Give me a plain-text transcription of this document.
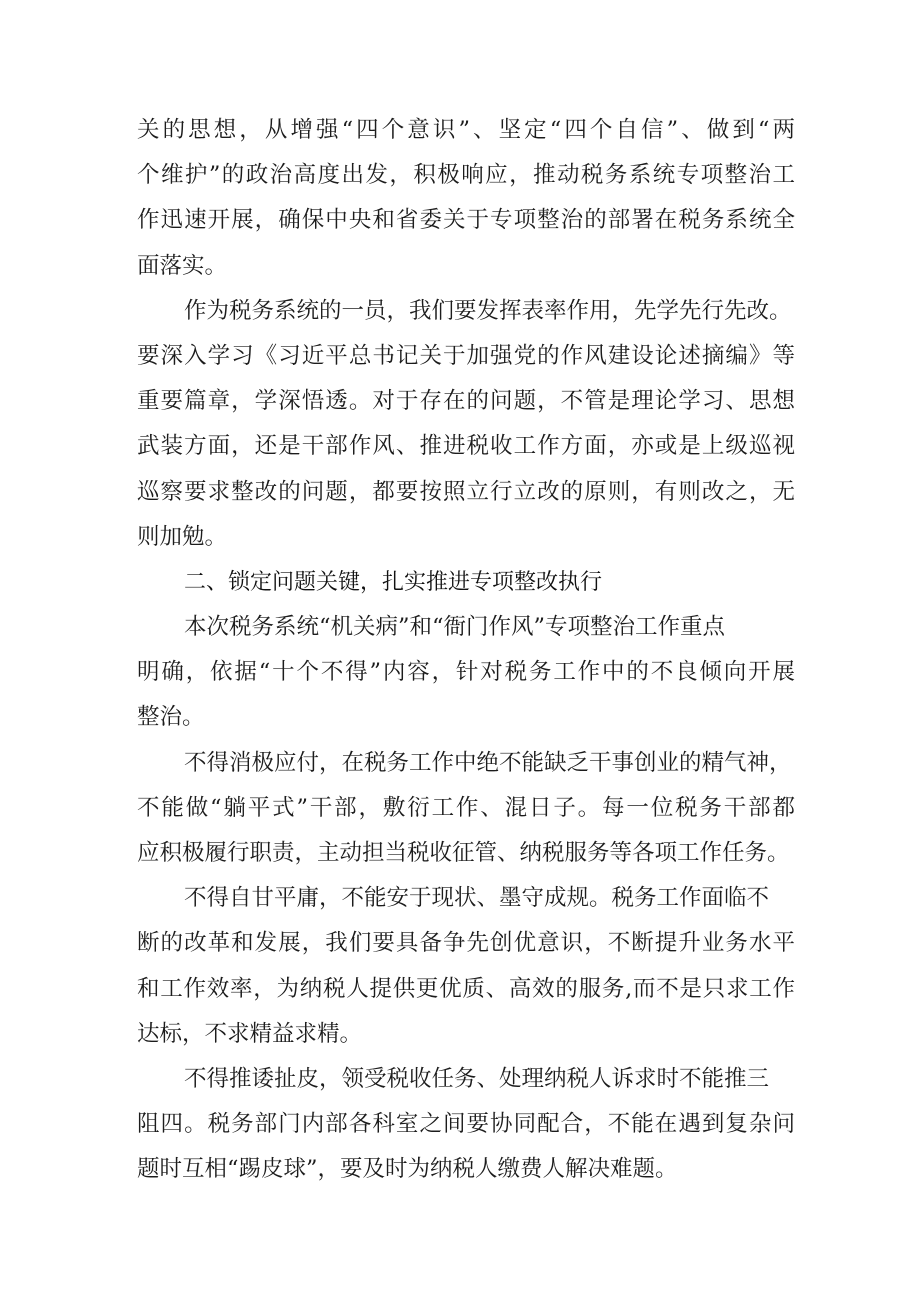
关的思想，从增强“四个意识”、坚定“四个自信”、做到“两
个维护”的政治高度出发，积极响应，推动税务系统专项整治工
作迅速开展，确保中央和省委关于专项整治的部署在税务系统全
面落实。
作为税务系统的一员，我们要发挥表率作用，先学先行先改。
要深入学习《习近平总书记关于加强党的作风建设论述摘编》等
重要篇章，学深悟透。对于存在的问题，不管是理论学习、思想
武装方面，还是干部作风、推进税收工作方面，亦或是上级巡视
巡察要求整改的问题，都要按照立行立改的原则，有则改之，无
则加勉。
二、锁定问题关键，扎实推进专项整改执行
本次税务系统“机关病”和“衙门作风”专项整治工作重点
明确，依据“十个不得”内容，针对税务工作中的不良倾向开展
整治。
不得消极应付，在税务工作中绝不能缺乏干事创业的精气神，
不能做“躺平式”干部，敷衍工作、混日子。每一位税务干部都
应积极履行职责，主动担当税收征管、纳税服务等各项工作任务。
不得自甘平庸，不能安于现状、墨守成规。税务工作面临不
断的改革和发展，我们要具备争先创优意识，不断提升业务水平
和工作效率，为纳税人提供更优质、高效的服务,而不是只求工作
达标，不求精益求精。
不得推诿扯皮，领受税收任务、处理纳税人诉求时不能推三
阻四。税务部门内部各科室之间要协同配合，不能在遇到复杂问
题时互相“踢皮球”，要及时为纳税人缴费人解决难题。
